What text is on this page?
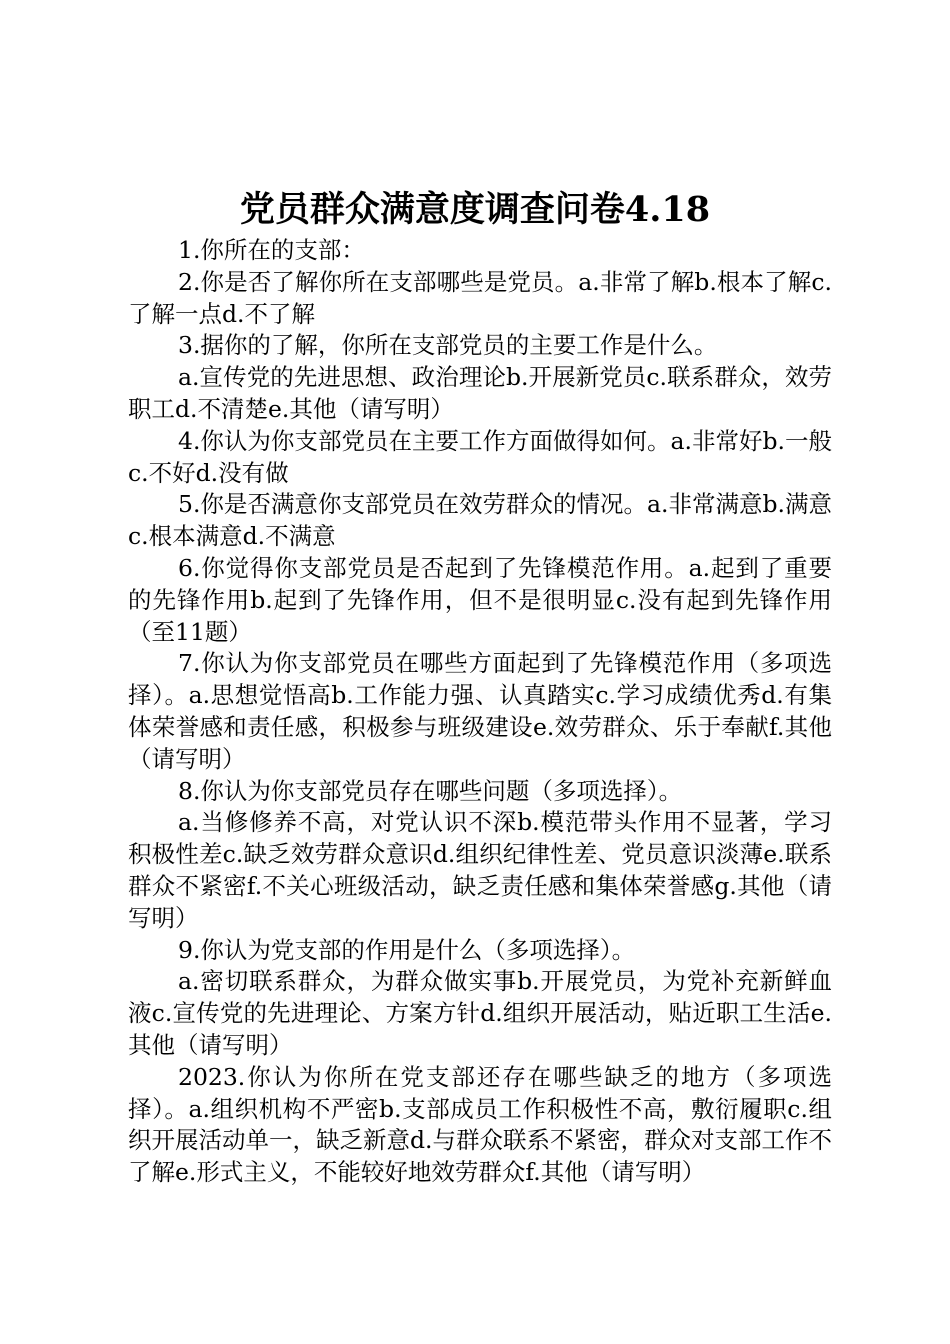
党员群众满意度调查问卷4.18

1.你所在的支部：

2.你是否了解你所在支部哪些是党员。a.非常了解b.根本了解c.了解一点d.不了解

3.据你的了解，你所在支部党员的主要工作是什么。

a.宣传党的先进思想、政治理论b.开展新党员c.联系群众，效劳职工d.不清楚e.其他（请写明）

4.你认为你支部党员在主要工作方面做得如何。a.非常好b.一般c.不好d.没有做

5.你是否满意你支部党员在效劳群众的情况。a.非常满意b.满意c.根本满意d.不满意

6.你觉得你支部党员是否起到了先锋模范作用。a.起到了重要的先锋作用b.起到了先锋作用，但不是很明显c.没有起到先锋作用（至11题）

7.你认为你支部党员在哪些方面起到了先锋模范作用（多项选择）。a.思想觉悟高b.工作能力强、认真踏实c.学习成绩优秀d.有集体荣誉感和责任感，积极参与班级建设e.效劳群众、乐于奉献f.其他（请写明）

8.你认为你支部党员存在哪些问题（多项选择）。

a.当修修养不高，对党认识不深b.模范带头作用不显著，学习积极性差c.缺乏效劳群众意识d.组织纪律性差、党员意识淡薄e.联系群众不紧密f.不关心班级活动，缺乏责任感和集体荣誉感g.其他（请写明）

9.你认为党支部的作用是什么（多项选择）。

a.密切联系群众，为群众做实事b.开展党员，为党补充新鲜血液c.宣传党的先进理论、方案方针d.组织开展活动，贴近职工生活e.其他（请写明）

2023.你认为你所在党支部还存在哪些缺乏的地方（多项选择）。a.组织机构不严密b.支部成员工作积极性不高，敷衍履职c.组织开展活动单一，缺乏新意d.与群众联系不紧密，群众对支部工作不了解e.形式主义，不能较好地效劳群众f.其他（请写明）
